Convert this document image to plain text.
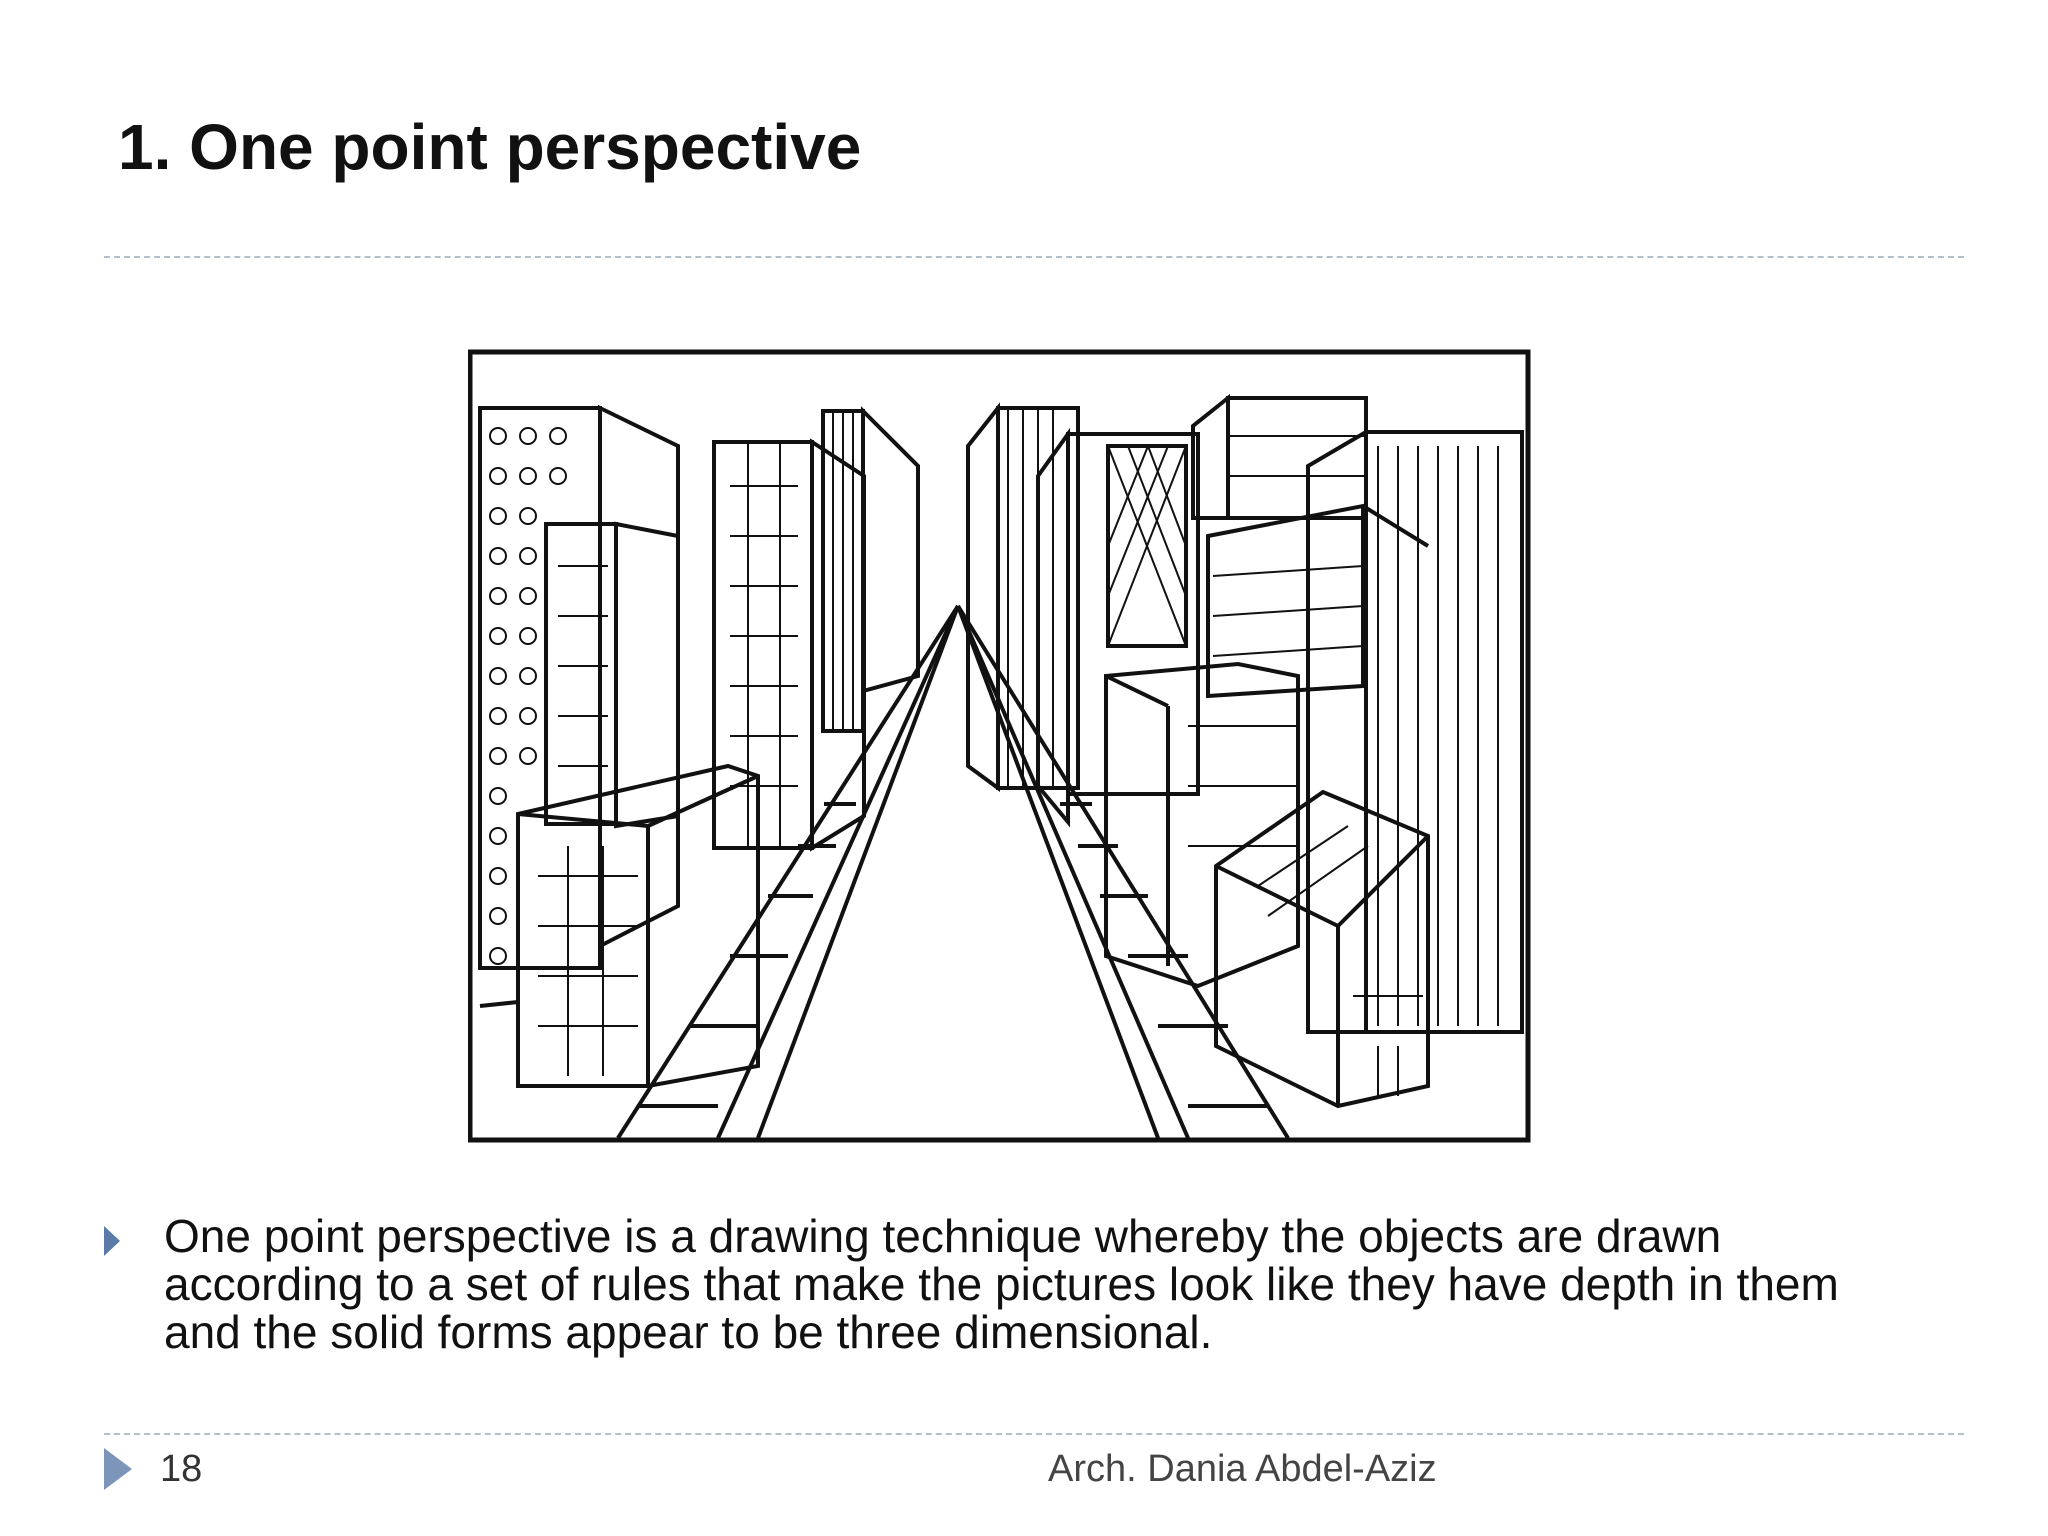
1. One point perspective

One point perspective is a drawing technique whereby the objects are drawn according to a set of rules that make the pictures look like they have depth in them and the solid forms appear to be three dimensional.

18	Arch. Dania Abdel-Aziz
